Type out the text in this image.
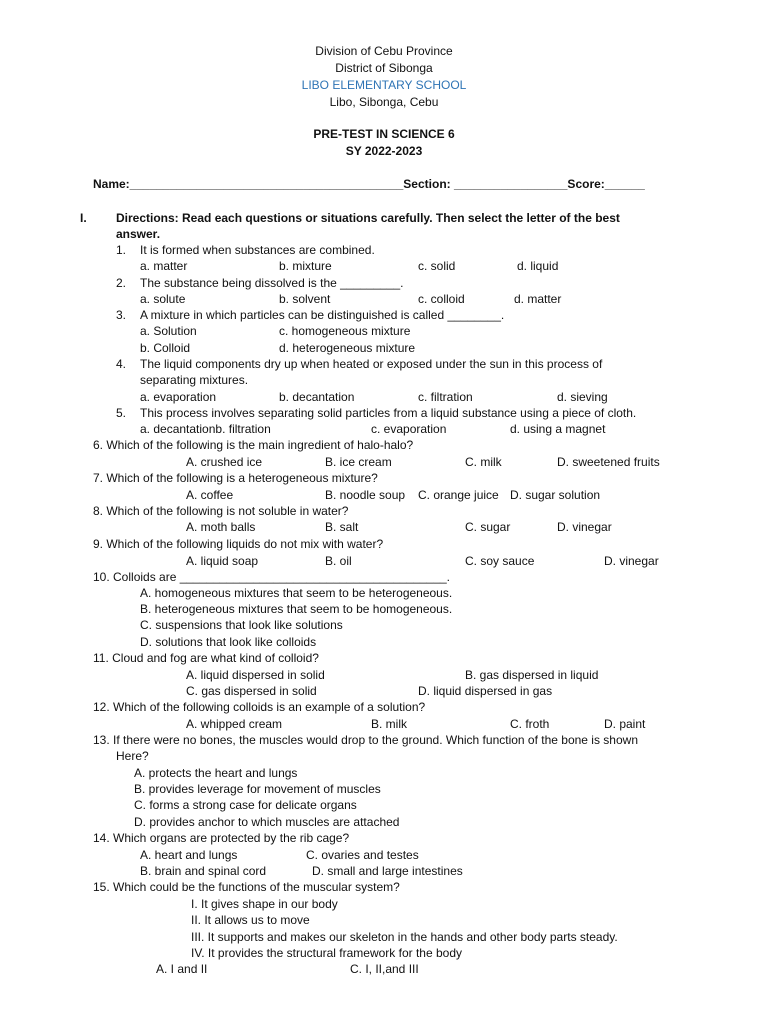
Division of Cebu Province
District of Sibonga
LIBO ELEMENTARY SCHOOL
Libo, Sibonga, Cebu
PRE-TEST IN SCIENCE 6
SY 2022-2023
Name:_________________________________________Section: _________________Score:______
I. Directions: Read each questions or situations carefully. Then select the letter of the best
answer.
1. It is formed when substances are combined.
a. matter	b. mixture	c. solid	d. liquid
2. The substance being dissolved is the _________.
a. solute	b. solvent	c. colloid	d. matter
3. A mixture in which particles can be distinguished is called ________.
a. Solution	c. homogeneous mixture
b. Colloid	d. heterogeneous mixture
4. The liquid components dry up when heated or exposed under the sun in this process of
separating mixtures.
a. evaporation	b. decantation	c. filtration	d. sieving
5. This process involves separating solid particles from a liquid substance using a piece of cloth.
a. decantationb. filtration	c. evaporation	d. using a magnet
6. Which of the following is the main ingredient of halo-halo?
A. crushed ice	B. ice cream	C. milk	D. sweetened fruits
7. Which of the following is a heterogeneous mixture?
A. coffee	B. noodle soup C. orange juice D. sugar solution
8. Which of the following is not soluble in water?
A. moth balls	B. salt	C. sugar	D. vinegar
9. Which of the following liquids do not mix with water?
A. liquid soap	B. oil	C. soy sauce	D. vinegar
10. Colloids are ________________________________________.
A. homogeneous mixtures that seem to be heterogeneous.
B. heterogeneous mixtures that seem to be homogeneous.
C. suspensions that look like solutions
D. solutions that look like colloids
11. Cloud and fog are what kind of colloid?
A. liquid dispersed in solid	B. gas dispersed in liquid
C. gas dispersed in solid	D. liquid dispersed in gas
12. Which of the following colloids is an example of a solution?
A. whipped cream	B. milk	C. froth	D. paint
13. If there were no bones, the muscles would drop to the ground. Which function of the bone is shown
Here?
A. protects the heart and lungs
B. provides leverage for movement of muscles
C. forms a strong case for delicate organs
D. provides anchor to which muscles are attached
14. Which organs are protected by the rib cage?
A. heart and lungs	C. ovaries and testes
B. brain and spinal cord	D. small and large intestines
15. Which could be the functions of the muscular system?
I. It gives shape in our body
II. It allows us to move
III. It supports and makes our skeleton in the hands and other body parts steady.
IV. It provides the structural framework for the body
A. I and II	C. I, II,and III
